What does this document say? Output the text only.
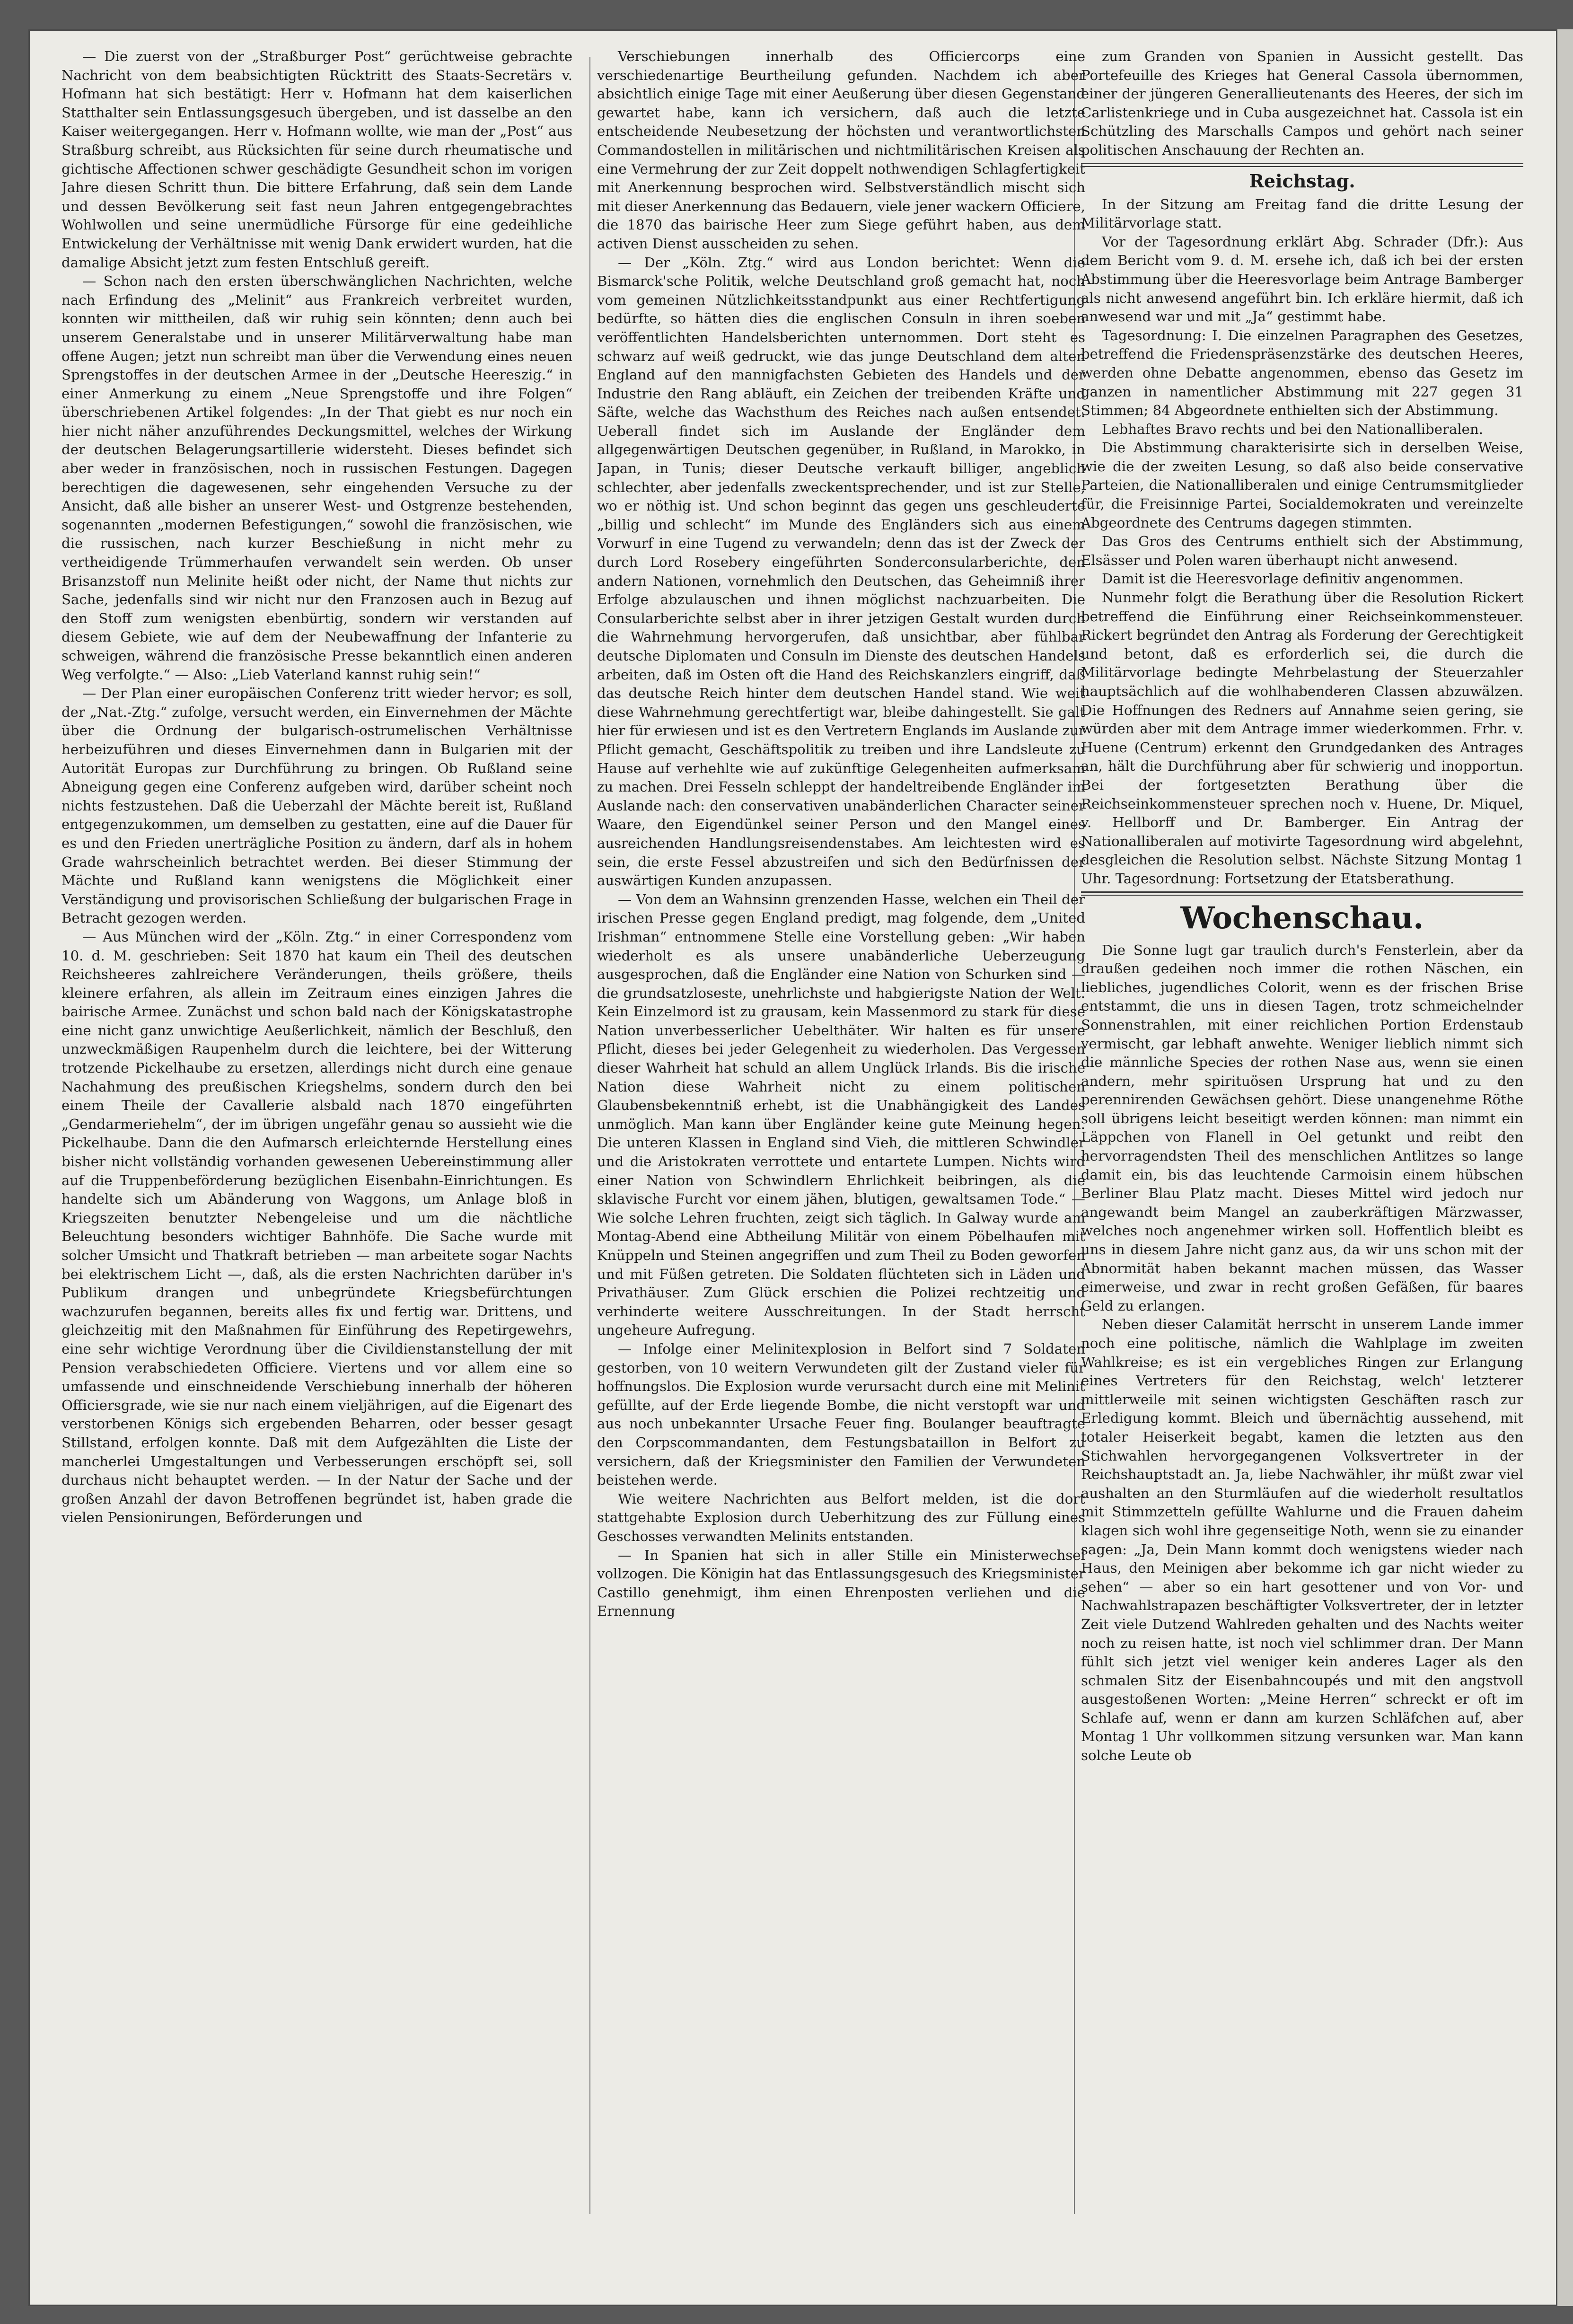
— Die zuerst von der „Straßburger Post“ gerüchtweise gebrachte Nachricht von dem beabsichtigten Rücktritt des Staats-Secretärs v. Hofmann hat sich bestätigt: Herr v. Hofmann hat dem kaiserlichen Statthalter sein Entlassungsgesuch übergeben, und ist dasselbe an den Kaiser weitergegangen. Herr v. Hofmann wollte, wie man der „Post“ aus Straßburg schreibt, aus Rücksichten für seine durch rheumatische und gichtische Affectionen schwer geschädigte Gesundheit schon im vorigen Jahre diesen Schritt thun. Die bittere Erfahrung, daß sein dem Lande und dessen Bevölkerung seit fast neun Jahren entgegengebrachtes Wohlwollen und seine unermüdliche Fürsorge für eine gedeihliche Entwickelung der Verhältnisse mit wenig Dank erwidert wurden, hat die damalige Absicht jetzt zum festen Entschluß gereift.

— Schon nach den ersten überschwänglichen Nachrichten, welche nach Erfindung des „Melinit“ aus Frankreich verbreitet wurden, konnten wir mittheilen, daß wir ruhig sein könnten; denn auch bei unserem Generalstabe und in unserer Militärverwaltung habe man offene Augen; jetzt nun schreibt man über die Verwendung eines neuen Sprengstoffes in der deutschen Armee in der „Deutsche Heereszig.“ in einer Anmerkung zu einem „Neue Sprengstoffe und ihre Folgen“ überschriebenen Artikel folgendes: „In der That giebt es nur noch ein hier nicht näher anzuführendes Deckungsmittel, welches der Wirkung der deutschen Belagerungsartillerie widersteht. Dieses befindet sich aber weder in französischen, noch in russischen Festungen. Dagegen berechtigen die dagewesenen, sehr eingehenden Versuche zu der Ansicht, daß alle bisher an unserer West- und Ostgrenze bestehenden, sogenannten „modernen Befestigungen,“ sowohl die französischen, wie die russischen, nach kurzer Beschießung in nicht mehr zu vertheidigende Trümmerhaufen verwandelt sein werden. Ob unser Brisanzstoff nun Melinite heißt oder nicht, der Name thut nichts zur Sache, jedenfalls sind wir nicht nur den Franzosen auch in Bezug auf den Stoff zum wenigsten ebenbürtig, sondern wir verstanden auf diesem Gebiete, wie auf dem der Neubewaffnung der Infanterie zu schweigen, während die französische Presse bekanntlich einen anderen Weg verfolgte.“ — Also: „Lieb Vaterland kannst ruhig sein!“

— Der Plan einer europäischen Conferenz tritt wieder hervor; es soll, der „Nat.-Ztg.“ zufolge, versucht werden, ein Einvernehmen der Mächte über die Ordnung der bulgarisch-ostrumelischen Verhältnisse herbeizuführen und dieses Einvernehmen dann in Bulgarien mit der Autorität Europas zur Durchführung zu bringen. Ob Rußland seine Abneigung gegen eine Conferenz aufgeben wird, darüber scheint noch nichts festzustehen. Daß die Ueberzahl der Mächte bereit ist, Rußland entgegenzukommen, um demselben zu gestatten, eine auf die Dauer für es und den Frieden unerträgliche Position zu ändern, darf als in hohem Grade wahrscheinlich betrachtet werden. Bei dieser Stimmung der Mächte und Rußland kann wenigstens die Möglichkeit einer Verständigung und provisorischen Schließung der bulgarischen Frage in Betracht gezogen werden.

— Aus München wird der „Köln. Ztg.“ in einer Correspondenz vom 10. d. M. geschrieben: Seit 1870 hat kaum ein Theil des deutschen Reichsheeres zahlreichere Veränderungen, theils größere, theils kleinere erfahren, als allein im Zeitraum eines einzigen Jahres die bairische Armee. Zunächst und schon bald nach der Königskatastrophe eine nicht ganz unwichtige Aeußerlichkeit, nämlich der Beschluß, den unzweckmäßigen Raupenhelm durch die leichtere, bei der Witterung trotzende Pickelhaube zu ersetzen, allerdings nicht durch eine genaue Nachahmung des preußischen Kriegshelms, sondern durch den bei einem Theile der Cavallerie alsbald nach 1870 eingeführten „Gendarmeriehelm“, der im übrigen ungefähr genau so aussieht wie die Pickelhaube. Dann die den Aufmarsch erleichternde Herstellung eines bisher nicht vollständig vorhanden gewesenen Uebereinstimmung aller auf die Truppenbeförderung bezüglichen Eisenbahn-Einrichtungen. Es handelte sich um Abänderung von Waggons, um Anlage bloß in Kriegszeiten benutzter Nebengeleise und um die nächtliche Beleuchtung besonders wichtiger Bahnhöfe. Die Sache wurde mit solcher Umsicht und Thatkraft betrieben — man arbeitete sogar Nachts bei elektrischem Licht —, daß, als die ersten Nachrichten darüber in's Publikum drangen und unbegründete Kriegsbefürchtungen wachzurufen begannen, bereits alles fix und fertig war. Drittens, und gleichzeitig mit den Maßnahmen für Einführung des Repetirgewehrs, eine sehr wichtige Verordnung über die Civildienstanstellung der mit Pension verabschiedeten Officiere. Viertens und vor allem eine so umfassende und einschneidende Verschiebung innerhalb der höheren Officiersgrade, wie sie nur nach einem vieljährigen, auf die Eigenart des verstorbenen Königs sich ergebenden Beharren, oder besser gesagt Stillstand, erfolgen konnte. Daß mit dem Aufgezählten die Liste der mancherlei Umgestaltungen und Verbesserungen erschöpft sei, soll durchaus nicht behauptet werden. — In der Natur der Sache und der großen Anzahl der davon Betroffenen begründet ist, haben grade die vielen Pensionirungen, Beförderungen und

Verschiebungen innerhalb des Officiercorps eine verschiedenartige Beurtheilung gefunden. Nachdem ich aber absichtlich einige Tage mit einer Aeußerung über diesen Gegenstand gewartet habe, kann ich versichern, daß auch die letzte entscheidende Neubesetzung der höchsten und verantwortlichsten Commandostellen in militärischen und nichtmilitärischen Kreisen als eine Vermehrung der zur Zeit doppelt nothwendigen Schlagfertigkeit mit Anerkennung besprochen wird. Selbstverständlich mischt sich mit dieser Anerkennung das Bedauern, viele jener wackern Officiere, die 1870 das bairische Heer zum Siege geführt haben, aus dem activen Dienst ausscheiden zu sehen.

— Der „Köln. Ztg.“ wird aus London berichtet: Wenn die Bismarck'sche Politik, welche Deutschland groß gemacht hat, noch vom gemeinen Nützlichkeitsstandpunkt aus einer Rechtfertigung bedürfte, so hätten dies die englischen Consuln in ihren soeben veröffentlichten Handelsberichten unternommen. Dort steht es schwarz auf weiß gedruckt, wie das junge Deutschland dem alten England auf den mannigfachsten Gebieten des Handels und der Industrie den Rang abläuft, ein Zeichen der treibenden Kräfte und Säfte, welche das Wachsthum des Reiches nach außen entsendet. Ueberall findet sich im Auslande der Engländer dem allgegenwärtigen Deutschen gegenüber, in Rußland, in Marokko, in Japan, in Tunis; dieser Deutsche verkauft billiger, angeblich schlechter, aber jedenfalls zweckentsprechender, und ist zur Stelle, wo er nöthig ist. Und schon beginnt das gegen uns geschleuderte „billig und schlecht“ im Munde des Engländers sich aus einem Vorwurf in eine Tugend zu verwandeln; denn das ist der Zweck der durch Lord Rosebery eingeführten Sonderconsularberichte, den andern Nationen, vornehmlich den Deutschen, das Geheimniß ihrer Erfolge abzulauschen und ihnen möglichst nachzuarbeiten. Die Consularberichte selbst aber in ihrer jetzigen Gestalt wurden durch die Wahrnehmung hervorgerufen, daß unsichtbar, aber fühlbar deutsche Diplomaten und Consuln im Dienste des deutschen Handels arbeiten, daß im Osten oft die Hand des Reichskanzlers eingriff, daß das deutsche Reich hinter dem deutschen Handel stand. Wie weit diese Wahrnehmung gerechtfertigt war, bleibe dahingestellt. Sie galt hier für erwiesen und ist es den Vertretern Englands im Auslande zur Pflicht gemacht, Geschäftspolitik zu treiben und ihre Landsleute zu Hause auf verhehlte wie auf zukünftige Gelegenheiten aufmerksam zu machen. Drei Fesseln schleppt der handeltreibende Engländer im Auslande nach: den conservativen unabänderlichen Character seiner Waare, den Eigendünkel seiner Person und den Mangel eines ausreichenden Handlungsreisendenstabes. Am leichtesten wird es sein, die erste Fessel abzustreifen und sich den Bedürfnissen der auswärtigen Kunden anzupassen.

— Von dem an Wahnsinn grenzenden Hasse, welchen ein Theil der irischen Presse gegen England predigt, mag folgende, dem „United Irishman“ entnommene Stelle eine Vorstellung geben: „Wir haben wiederholt es als unsere unabänderliche Ueberzeugung ausgesprochen, daß die Engländer eine Nation von Schurken sind — die grundsatzloseste, unehrlichste und habgierigste Nation der Welt. Kein Einzelmord ist zu grausam, kein Massenmord zu stark für diese Nation unverbesserlicher Uebelthäter. Wir halten es für unsere Pflicht, dieses bei jeder Gelegenheit zu wiederholen. Das Vergessen dieser Wahrheit hat schuld an allem Unglück Irlands. Bis die irische Nation diese Wahrheit nicht zu einem politischen Glaubensbekenntniß erhebt, ist die Unabhängigkeit des Landes unmöglich. Man kann über Engländer keine gute Meinung hegen. Die unteren Klassen in England sind Vieh, die mittleren Schwindler und die Aristokraten verrottete und entartete Lumpen. Nichts wird einer Nation von Schwindlern Ehrlichkeit beibringen, als die sklavische Furcht vor einem jähen, blutigen, gewaltsamen Tode.“ — Wie solche Lehren fruchten, zeigt sich täglich. In Galway wurde am Montag-Abend eine Abtheilung Militär von einem Pöbelhaufen mit Knüppeln und Steinen angegriffen und zum Theil zu Boden geworfen und mit Füßen getreten. Die Soldaten flüchteten sich in Läden und Privathäuser. Zum Glück erschien die Polizei rechtzeitig und verhinderte weitere Ausschreitungen. In der Stadt herrscht ungeheure Aufregung.

— Infolge einer Melinitexplosion in Belfort sind 7 Soldaten gestorben, von 10 weitern Verwundeten gilt der Zustand vieler für hoffnungslos. Die Explosion wurde verursacht durch eine mit Melinit gefüllte, auf der Erde liegende Bombe, die nicht verstopft war und aus noch unbekannter Ursache Feuer fing. Boulanger beauftragte den Corpscommandanten, dem Festungsbataillon in Belfort zu versichern, daß der Kriegsminister den Familien der Verwundeten beistehen werde.

Wie weitere Nachrichten aus Belfort melden, ist die dort stattgehabte Explosion durch Ueberhitzung des zur Füllung eines Geschosses verwandten Melinits entstanden.

— In Spanien hat sich in aller Stille ein Ministerwechsel vollzogen. Die Königin hat das Entlassungsgesuch des Kriegsminister Castillo genehmigt, ihm einen Ehrenposten verliehen und die Ernennung

zum Granden von Spanien in Aussicht gestellt. Das Portefeuille des Krieges hat General Cassola übernommen, einer der jüngeren Generallieutenants des Heeres, der sich im Carlistenkriege und in Cuba ausgezeichnet hat. Cassola ist ein Schützling des Marschalls Campos und gehört nach seiner politischen Anschauung der Rechten an.

Reichstag.

In der Sitzung am Freitag fand die dritte Lesung der Militärvorlage statt.

Vor der Tagesordnung erklärt Abg. Schrader (Dfr.): Aus dem Bericht vom 9. d. M. ersehe ich, daß ich bei der ersten Abstimmung über die Heeresvorlage beim Antrage Bamberger als nicht anwesend angeführt bin. Ich erkläre hiermit, daß ich anwesend war und mit „Ja“ gestimmt habe.

Tagesordnung: I. Die einzelnen Paragraphen des Gesetzes, betreffend die Friedenspräsenzstärke des deutschen Heeres, werden ohne Debatte angenommen, ebenso das Gesetz im ganzen in namentlicher Abstimmung mit 227 gegen 31 Stimmen; 84 Abgeordnete enthielten sich der Abstimmung.

Lebhaftes Bravo rechts und bei den Nationalliberalen.

Die Abstimmung charakterisirte sich in derselben Weise, wie die der zweiten Lesung, so daß also beide conservative Parteien, die Nationalliberalen und einige Centrumsmitglieder für, die Freisinnige Partei, Socialdemokraten und vereinzelte Abgeordnete des Centrums dagegen stimmten.

Das Gros des Centrums enthielt sich der Abstimmung, Elsässer und Polen waren überhaupt nicht anwesend.

Damit ist die Heeresvorlage definitiv angenommen.

Nunmehr folgt die Berathung über die Resolution Rickert betreffend die Einführung einer Reichseinkommensteuer. Rickert begründet den Antrag als Forderung der Gerechtigkeit und betont, daß es erforderlich sei, die durch die Militärvorlage bedingte Mehrbelastung der Steuerzahler hauptsächlich auf die wohlhabenderen Classen abzuwälzen. Die Hoffnungen des Redners auf Annahme seien gering, sie würden aber mit dem Antrage immer wiederkommen. Frhr. v. Huene (Centrum) erkennt den Grundgedanken des Antrages an, hält die Durchführung aber für schwierig und inopportun. Bei der fortgesetzten Berathung über die Reichseinkommensteuer sprechen noch v. Huene, Dr. Miquel, v. Hellborff und Dr. Bamberger. Ein Antrag der Nationalliberalen auf motivirte Tagesordnung wird abgelehnt, desgleichen die Resolution selbst. Nächste Sitzung Montag 1 Uhr. Tagesordnung: Fortsetzung der Etatsberathung.

Wochenschau.

Die Sonne lugt gar traulich durch's Fensterlein, aber da draußen gedeihen noch immer die rothen Näschen, ein liebliches, jugendliches Colorit, wenn es der frischen Brise entstammt, die uns in diesen Tagen, trotz schmeichelnder Sonnenstrahlen, mit einer reichlichen Portion Erdenstaub vermischt, gar lebhaft anwehte. Weniger lieblich nimmt sich die männliche Species der rothen Nase aus, wenn sie einen andern, mehr spirituösen Ursprung hat und zu den perennirenden Gewächsen gehört. Diese unangenehme Röthe soll übrigens leicht beseitigt werden können: man nimmt ein Läppchen von Flanell in Oel getunkt und reibt den hervorragendsten Theil des menschlichen Antlitzes so lange damit ein, bis das leuchtende Carmoisin einem hübschen Berliner Blau Platz macht. Dieses Mittel wird jedoch nur angewandt beim Mangel an zauberkräftigen Märzwasser, welches noch angenehmer wirken soll. Hoffentlich bleibt es uns in diesem Jahre nicht ganz aus, da wir uns schon mit der Abnormität haben bekannt machen müssen, das Wasser eimerweise, und zwar in recht großen Gefäßen, für baares Geld zu erlangen.

Neben dieser Calamität herrscht in unserem Lande immer noch eine politische, nämlich die Wahlplage im zweiten Wahlkreise; es ist ein vergebliches Ringen zur Erlangung eines Vertreters für den Reichstag, welch' letzterer mittlerweile mit seinen wichtigsten Geschäften rasch zur Erledigung kommt. Bleich und übernächtig aussehend, mit totaler Heiserkeit begabt, kamen die letzten aus den Stichwahlen hervorgegangenen Volksvertreter in der Reichshauptstadt an. Ja, liebe Nachwähler, ihr müßt zwar viel aushalten an den Sturmläufen auf die wiederholt resultatlos mit Stimmzetteln gefüllte Wahlurne und die Frauen daheim klagen sich wohl ihre gegenseitige Noth, wenn sie zu einander sagen: „Ja, Dein Mann kommt doch wenigstens wieder nach Haus, den Meinigen aber bekomme ich gar nicht wieder zu sehen“ — aber so ein hart gesottener und von Vor- und Nachwahlstrapazen beschäftigter Volksvertreter, der in letzter Zeit viele Dutzend Wahlreden gehalten und des Nachts weiter noch zu reisen hatte, ist noch viel schlimmer dran. Der Mann fühlt sich jetzt viel weniger kein anderes Lager als den schmalen Sitz der Eisenbahncoupés und mit den angstvoll ausgestoßenen Worten: „Meine Herren“ schreckt er oft im Schlafe auf, wenn er dann am kurzen Schläfchen auf, aber Montag 1 Uhr vollkommen sitzung versunken war. Man kann solche Leute ob
